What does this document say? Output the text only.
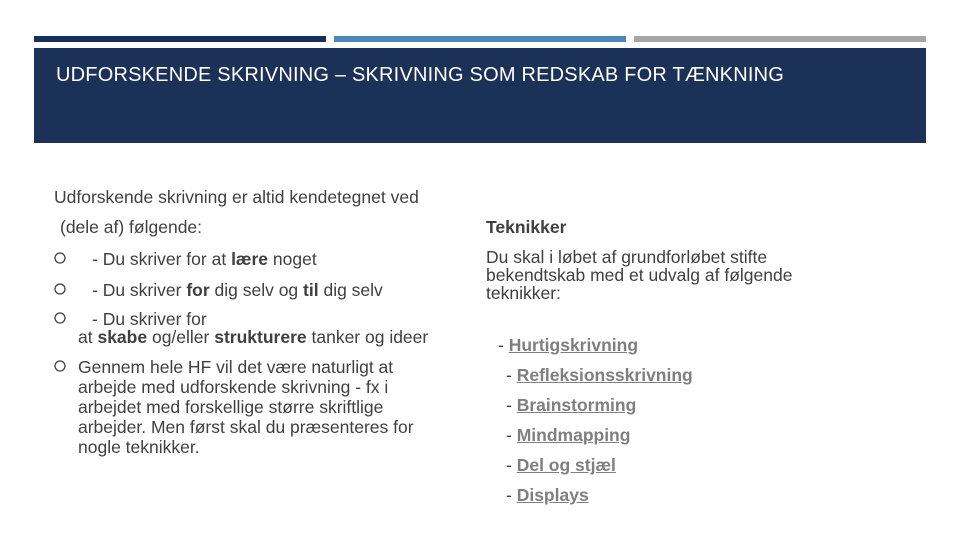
UDFORSKENDE SKRIVNING – SKRIVNING SOM REDSKAB FOR TÆNKNING
Udforskende skrivning er altid kendetegnet ved
(dele af) følgende:
- Du skriver for at lære noget
- Du skriver for dig selv og til dig selv
- Du skriver for
at skabe og/eller strukturere tanker og ideer
Gennem hele HF vil det være naturligt at
arbejde med udforskende skrivning - fx i
arbejdet med forskellige større skriftlige
arbejder. Men først skal du præsenteres for
nogle teknikker.
Teknikker
Du skal i løbet af grundforløbet stifte
bekendtskab med et udvalg af følgende
teknikker:
- Hurtigskrivning
- Refleksionsskrivning
- Brainstorming
- Mindmapping
- Del og stjæl
- Displays
